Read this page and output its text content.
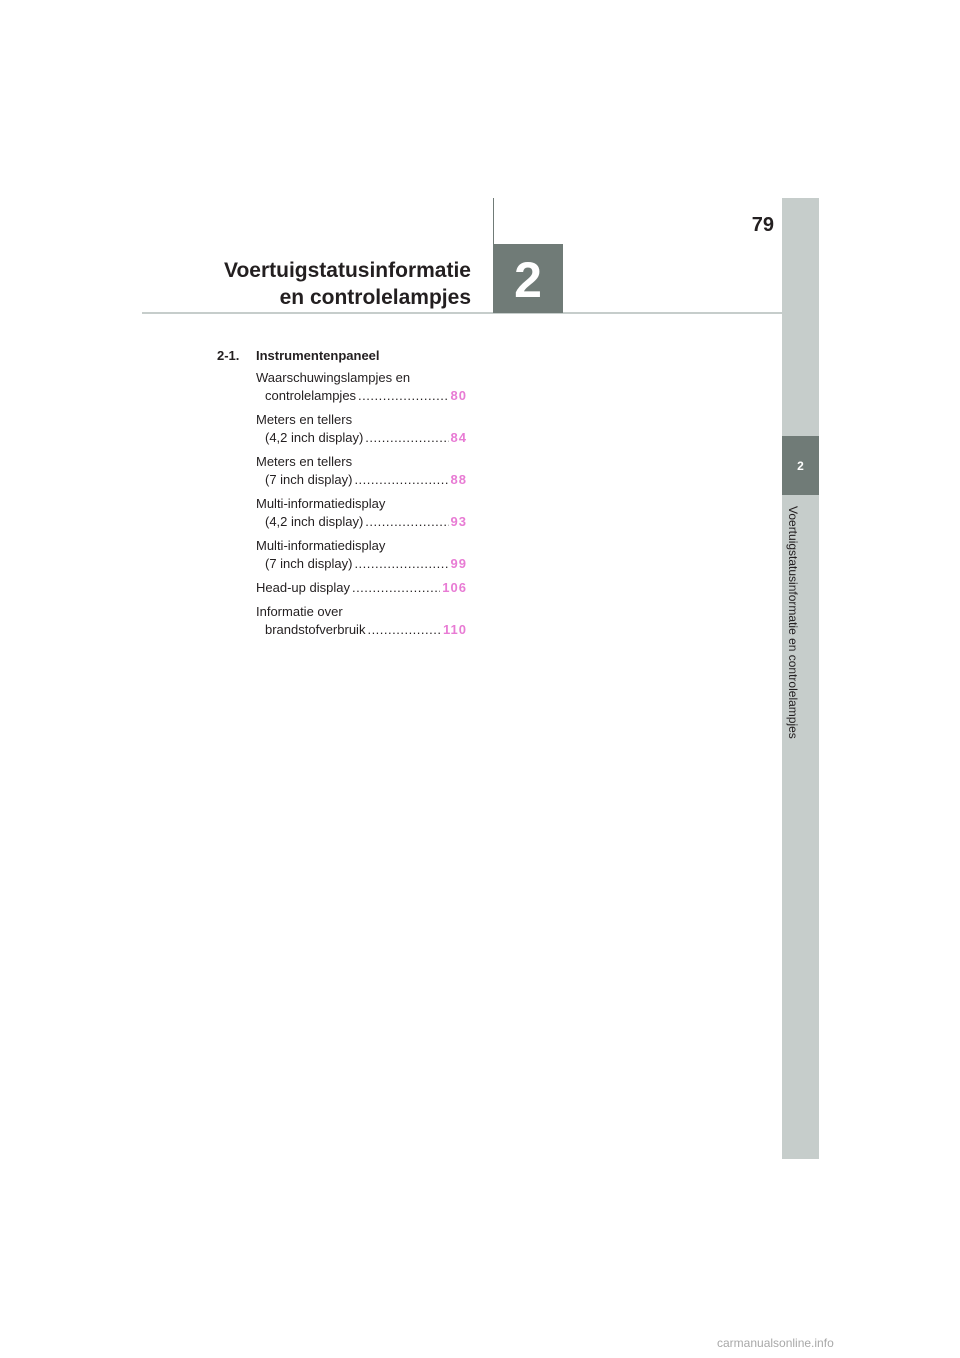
79
2
Voertuigstatusinformatie en controlelampjes
2
Voertuigstatusinformatie
en controlelampjes
2-1.	Instrumentenpaneel
Waarschuwingslampjes en
controlelampjes .....	80
Meters en tellers
(4,2 inch display) .....	84
Meters en tellers
(7 inch display) .....	88
Multi-informatiedisplay
(4,2 inch display) .....	93
Multi-informatiedisplay
(7 inch display) .....	99
Head-up display .....	106
Informatie over
brandstofverbruik .....	110
carmanualsonline.info
